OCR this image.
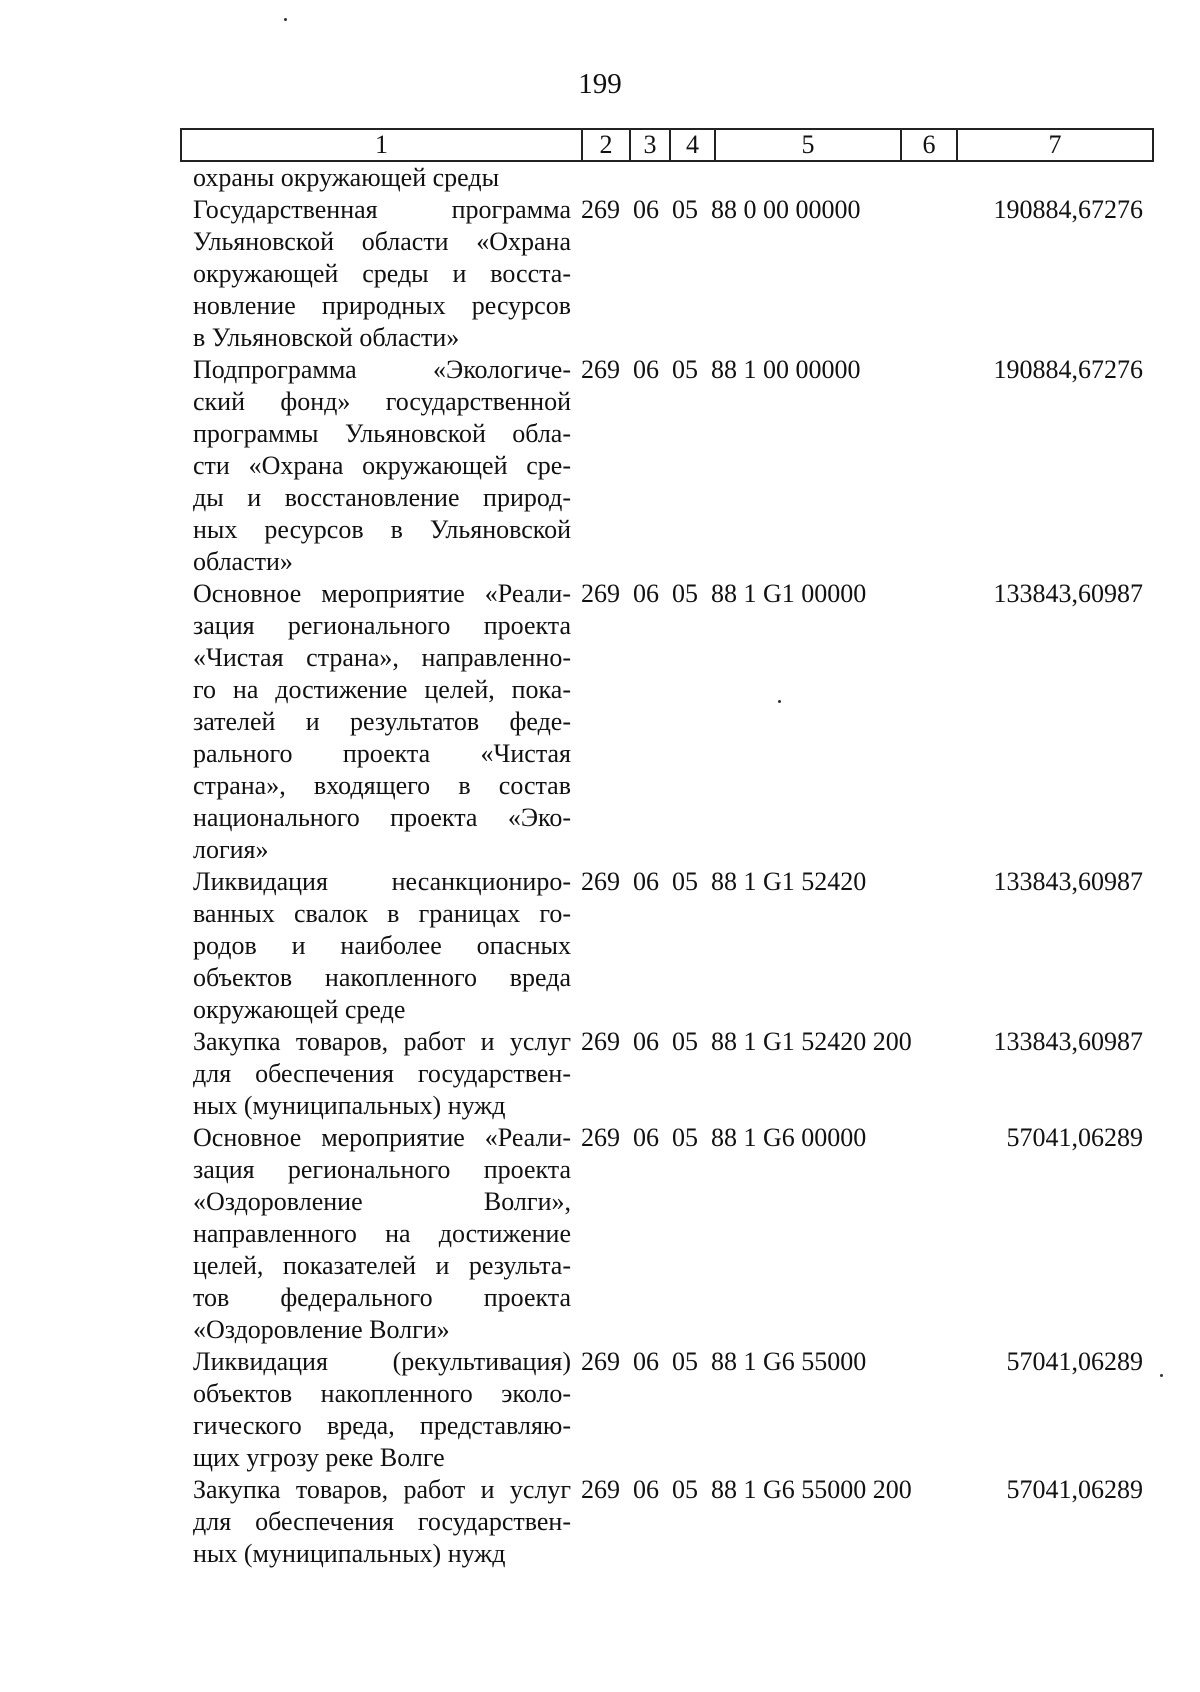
199
1	2	3	4	5	6	7
охраны окружающей среды
Государственная программа
Ульяновской области «Охрана
окружающей среды и восста-
новление природных ресурсов
в Ульяновской области»
269  06  05  88 0 00 00000	190884,67276
Подпрограмма «Экологиче-
ский фонд» государственной
программы Ульяновской обла-
сти «Охрана окружающей сре-
ды и восстановление природ-
ных ресурсов в Ульяновской
области»
269  06  05  88 1 00 00000	190884,67276
Основное мероприятие «Реали-
зация регионального проекта
«Чистая страна», направленно-
го на достижение целей, пока-
зателей и результатов феде-
рального проекта «Чистая
страна», входящего в состав
национального проекта «Эко-
логия»
269  06  05  88 1 G1 00000	133843,60987
Ликвидация несанкциониро-
ванных свалок в границах го-
родов и наиболее опасных
объектов накопленного вреда
окружающей среде
269  06  05  88 1 G1 52420	133843,60987
Закупка товаров, работ и услуг
для обеспечения государствен-
ных (муниципальных) нужд
269  06  05  88 1 G1 52420 200	133843,60987
Основное мероприятие «Реали-
зация регионального проекта
«Оздоровление Волги»,
направленного на достижение
целей, показателей и результа-
тов федерального проекта
«Оздоровление Волги»
269  06  05  88 1 G6 00000	57041,06289
Ликвидация (рекультивация)
объектов накопленного эколо-
гического вреда, представляю-
щих угрозу реке Волге
269  06  05  88 1 G6 55000	57041,06289
Закупка товаров, работ и услуг
для обеспечения государствен-
ных (муниципальных) нужд
269  06  05  88 1 G6 55000 200	57041,06289
